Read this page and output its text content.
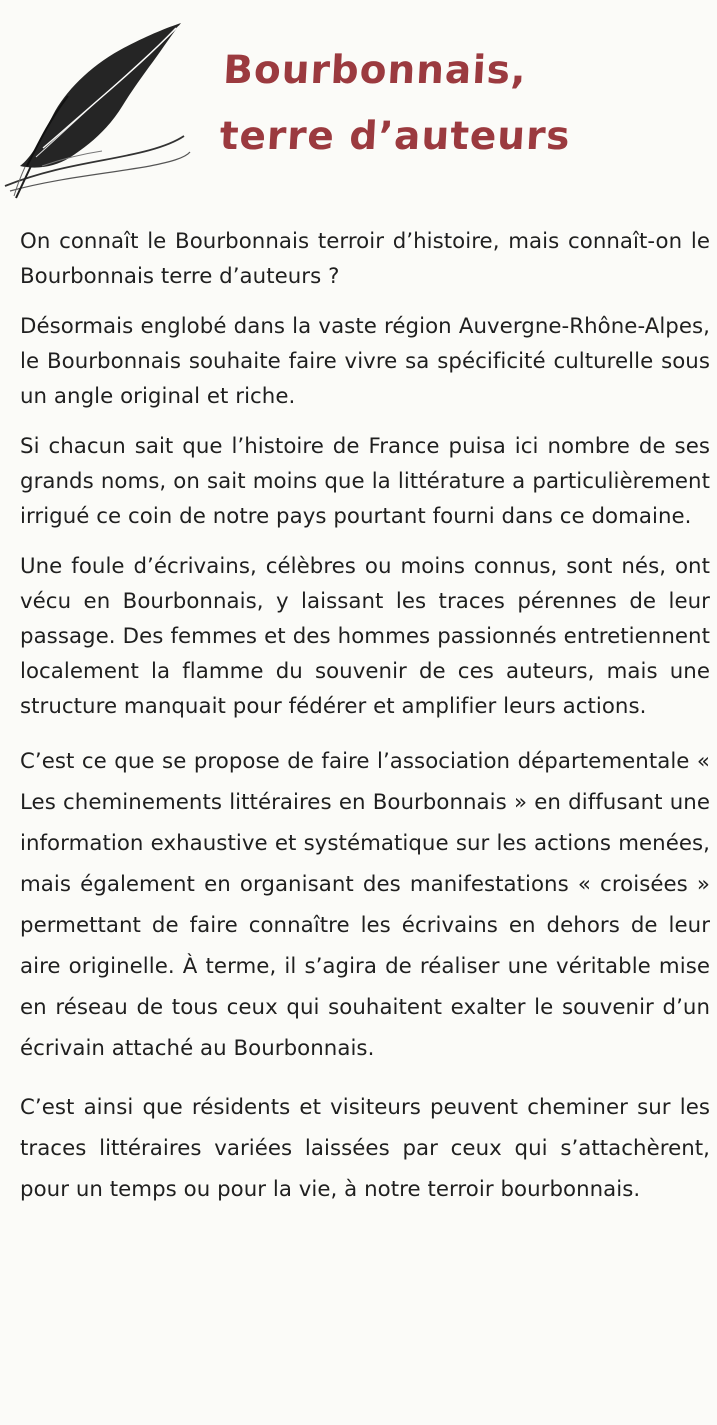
Bourbonnais,
terre d’auteurs

On connaît le Bourbonnais terroir d’histoire, mais connaît-on le Bourbonnais terre d’auteurs ?

Désormais englobé dans la vaste région Auvergne-Rhône-Alpes, le Bourbonnais souhaite faire vivre sa spécificité culturelle sous un angle original et riche.

Si chacun sait que l’histoire de France puisa ici nombre de ses grands noms, on sait moins que la littérature a particulièrement irrigué ce coin de notre pays pourtant fourni dans ce domaine.

Une foule d’écrivains, célèbres ou moins connus, sont nés, ont vécu en Bourbonnais, y laissant les traces pérennes de leur passage. Des femmes et des hommes passionnés entretiennent localement la flamme du souvenir de ces auteurs, mais une structure manquait pour fédérer et amplifier leurs actions.

C’est ce que se propose de faire l’association départementale « Les cheminements littéraires en Bourbonnais » en diffusant une information exhaustive et systématique sur les actions menées, mais également en organisant des manifestations « croisées » permettant de faire connaître les écrivains en dehors de leur aire originelle. À terme, il s’agira de réaliser une véritable mise en réseau de tous ceux qui souhaitent exalter le souvenir d’un écrivain attaché au Bourbonnais.

C’est ainsi que résidents et visiteurs peuvent cheminer sur les traces littéraires variées laissées par ceux qui s’attachèrent, pour un temps ou pour la vie, à notre terroir bourbonnais.
